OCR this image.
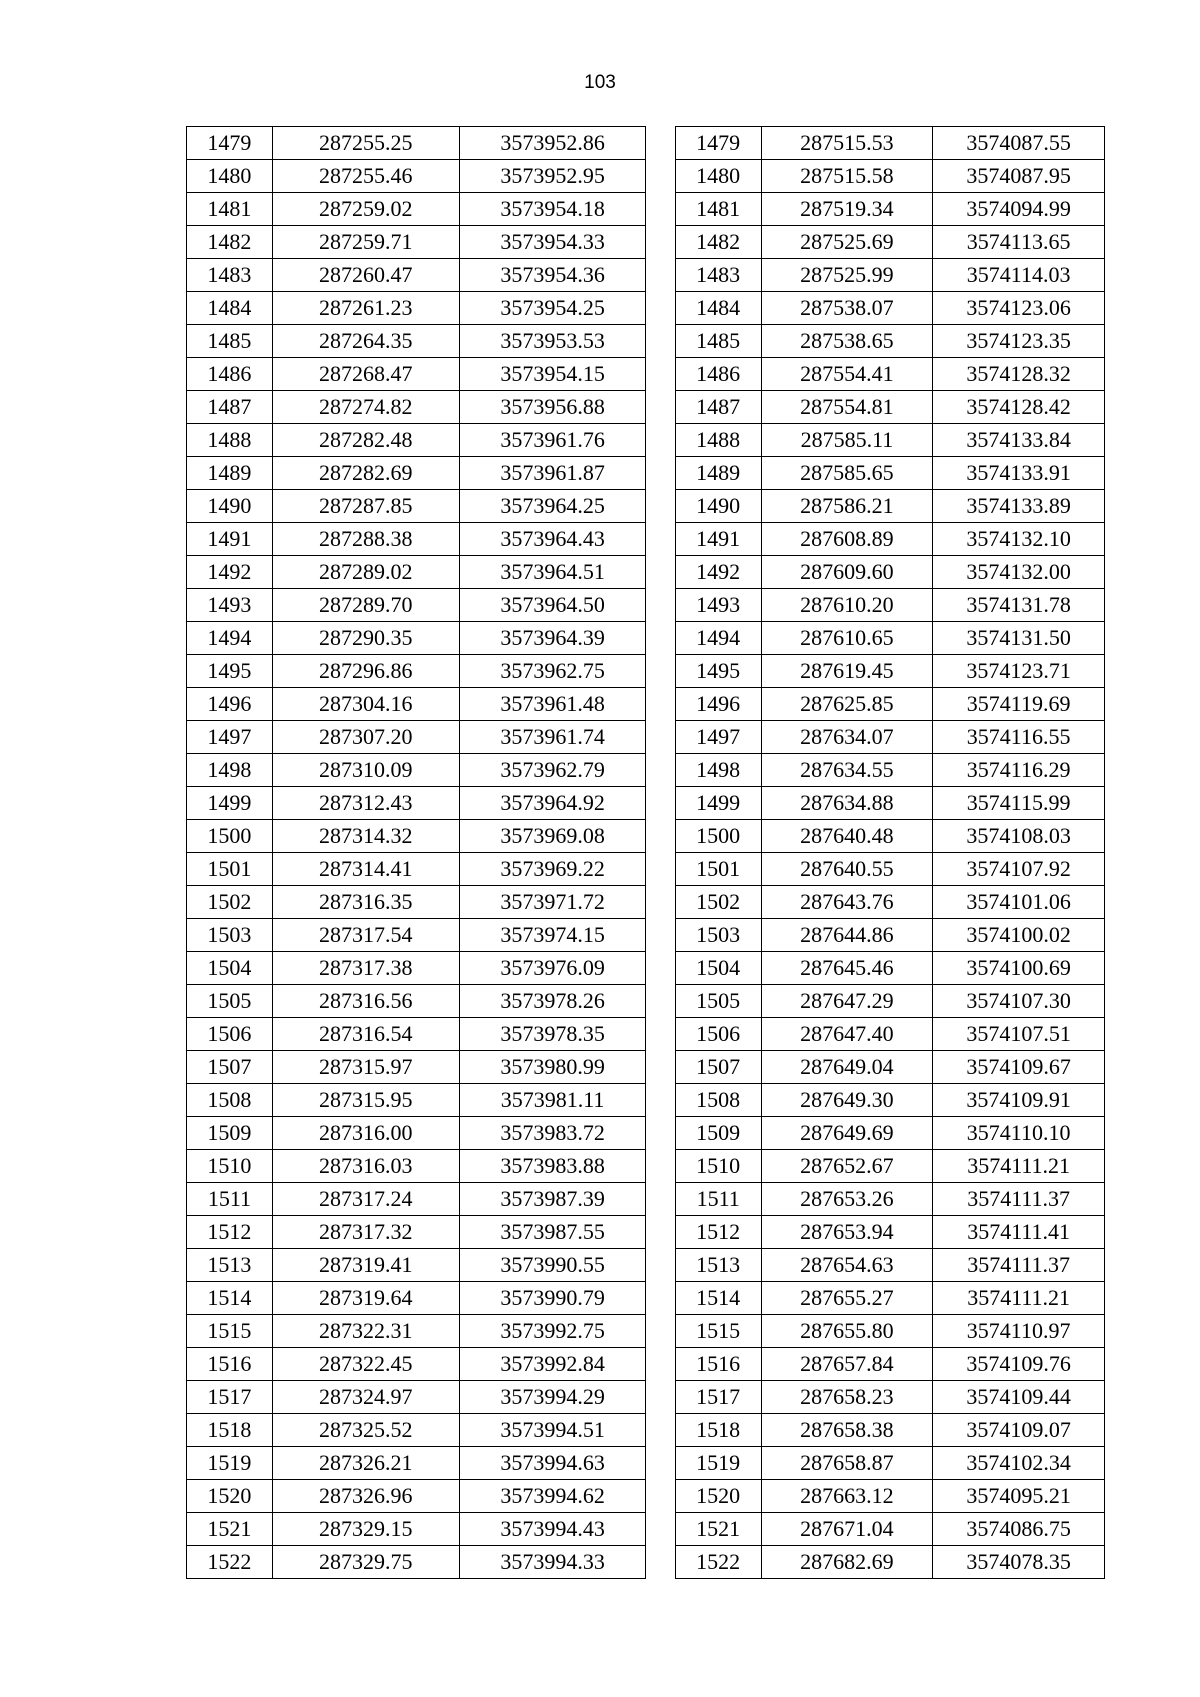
103
1479	287255.25	3573952.86		1479	287515.53	3574087.55
1480	287255.46	3573952.95		1480	287515.58	3574087.95
1481	287259.02	3573954.18		1481	287519.34	3574094.99
1482	287259.71	3573954.33		1482	287525.69	3574113.65
1483	287260.47	3573954.36		1483	287525.99	3574114.03
1484	287261.23	3573954.25		1484	287538.07	3574123.06
1485	287264.35	3573953.53		1485	287538.65	3574123.35
1486	287268.47	3573954.15		1486	287554.41	3574128.32
1487	287274.82	3573956.88		1487	287554.81	3574128.42
1488	287282.48	3573961.76		1488	287585.11	3574133.84
1489	287282.69	3573961.87		1489	287585.65	3574133.91
1490	287287.85	3573964.25		1490	287586.21	3574133.89
1491	287288.38	3573964.43		1491	287608.89	3574132.10
1492	287289.02	3573964.51		1492	287609.60	3574132.00
1493	287289.70	3573964.50		1493	287610.20	3574131.78
1494	287290.35	3573964.39		1494	287610.65	3574131.50
1495	287296.86	3573962.75		1495	287619.45	3574123.71
1496	287304.16	3573961.48		1496	287625.85	3574119.69
1497	287307.20	3573961.74		1497	287634.07	3574116.55
1498	287310.09	3573962.79		1498	287634.55	3574116.29
1499	287312.43	3573964.92		1499	287634.88	3574115.99
1500	287314.32	3573969.08		1500	287640.48	3574108.03
1501	287314.41	3573969.22		1501	287640.55	3574107.92
1502	287316.35	3573971.72		1502	287643.76	3574101.06
1503	287317.54	3573974.15		1503	287644.86	3574100.02
1504	287317.38	3573976.09		1504	287645.46	3574100.69
1505	287316.56	3573978.26		1505	287647.29	3574107.30
1506	287316.54	3573978.35		1506	287647.40	3574107.51
1507	287315.97	3573980.99		1507	287649.04	3574109.67
1508	287315.95	3573981.11		1508	287649.30	3574109.91
1509	287316.00	3573983.72		1509	287649.69	3574110.10
1510	287316.03	3573983.88		1510	287652.67	3574111.21
1511	287317.24	3573987.39		1511	287653.26	3574111.37
1512	287317.32	3573987.55		1512	287653.94	3574111.41
1513	287319.41	3573990.55		1513	287654.63	3574111.37
1514	287319.64	3573990.79		1514	287655.27	3574111.21
1515	287322.31	3573992.75		1515	287655.80	3574110.97
1516	287322.45	3573992.84		1516	287657.84	3574109.76
1517	287324.97	3573994.29		1517	287658.23	3574109.44
1518	287325.52	3573994.51		1518	287658.38	3574109.07
1519	287326.21	3573994.63		1519	287658.87	3574102.34
1520	287326.96	3573994.62		1520	287663.12	3574095.21
1521	287329.15	3573994.43		1521	287671.04	3574086.75
1522	287329.75	3573994.33		1522	287682.69	3574078.35
